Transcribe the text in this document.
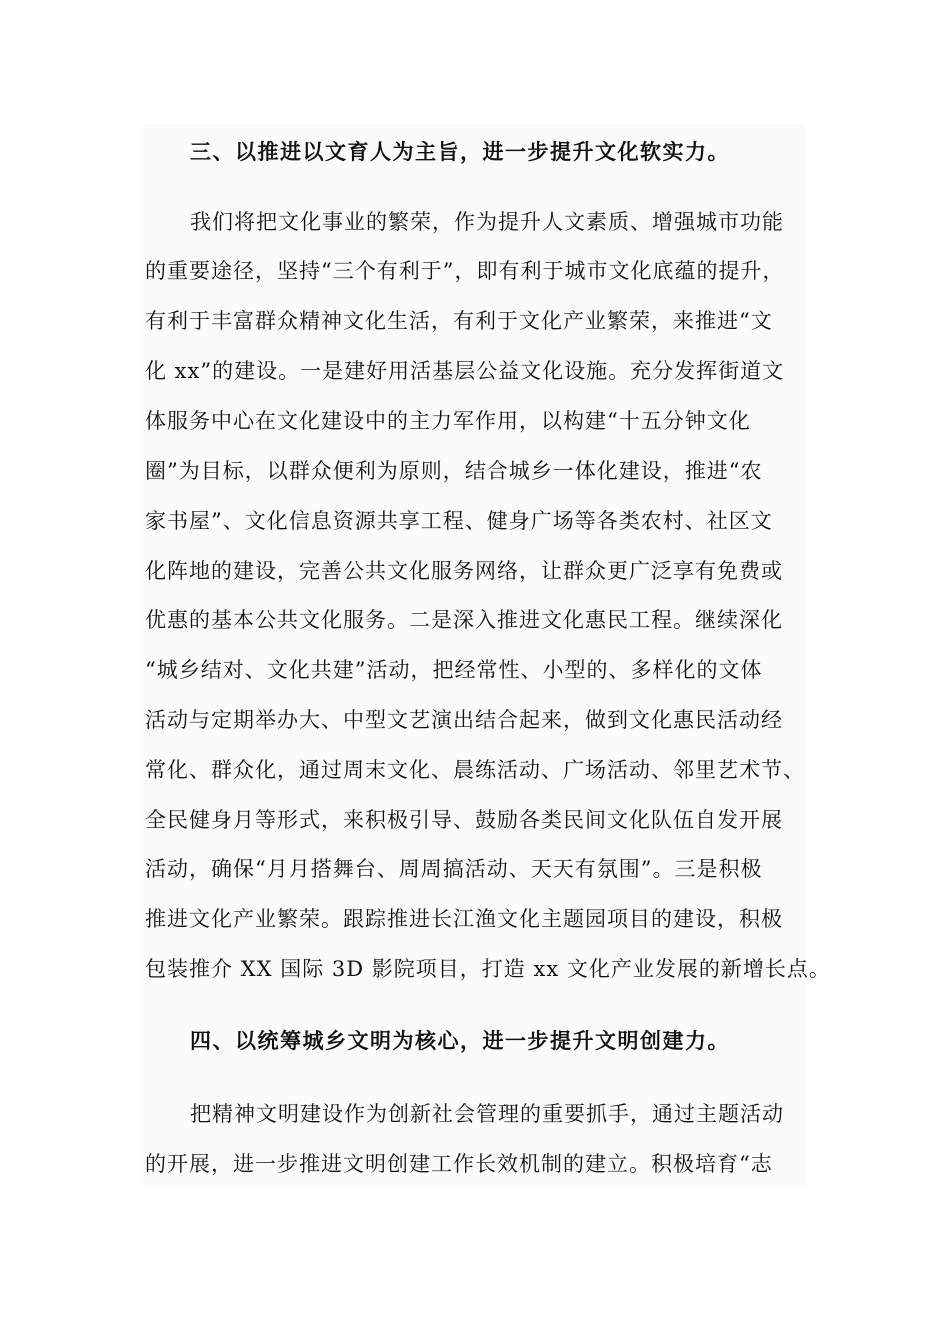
三、以推进以文育人为主旨，进一步提升文化软实力。
我们将把文化事业的繁荣，作为提升人文素质、增强城市功能
的重要途径，坚持“三个有利于”，即有利于城市文化底蕴的提升，
有利于丰富群众精神文化生活，有利于文化产业繁荣，来推进“文
化 xx”的建设。一是建好用活基层公益文化设施。充分发挥街道文
体服务中心在文化建设中的主力军作用，以构建“十五分钟文化
圈”为目标，以群众便利为原则，结合城乡一体化建设，推进“农
家书屋”、文化信息资源共享工程、健身广场等各类农村、社区文
化阵地的建设，完善公共文化服务网络，让群众更广泛享有免费或
优惠的基本公共文化服务。二是深入推进文化惠民工程。继续深化
“城乡结对、文化共建”活动，把经常性、小型的、多样化的文体
活动与定期举办大、中型文艺演出结合起来，做到文化惠民活动经
常化、群众化，通过周末文化、晨练活动、广场活动、邻里艺术节、
全民健身月等形式，来积极引导、鼓励各类民间文化队伍自发开展
活动，确保“月月搭舞台、周周搞活动、天天有氛围”。三是积极
推进文化产业繁荣。跟踪推进长江渔文化主题园项目的建设，积极
包装推介 XX 国际 3D 影院项目，打造 xx 文化产业发展的新增长点。
四、以统筹城乡文明为核心，进一步提升文明创建力。
把精神文明建设作为创新社会管理的重要抓手，通过主题活动
的开展，进一步推进文明创建工作长效机制的建立。积极培育“志
